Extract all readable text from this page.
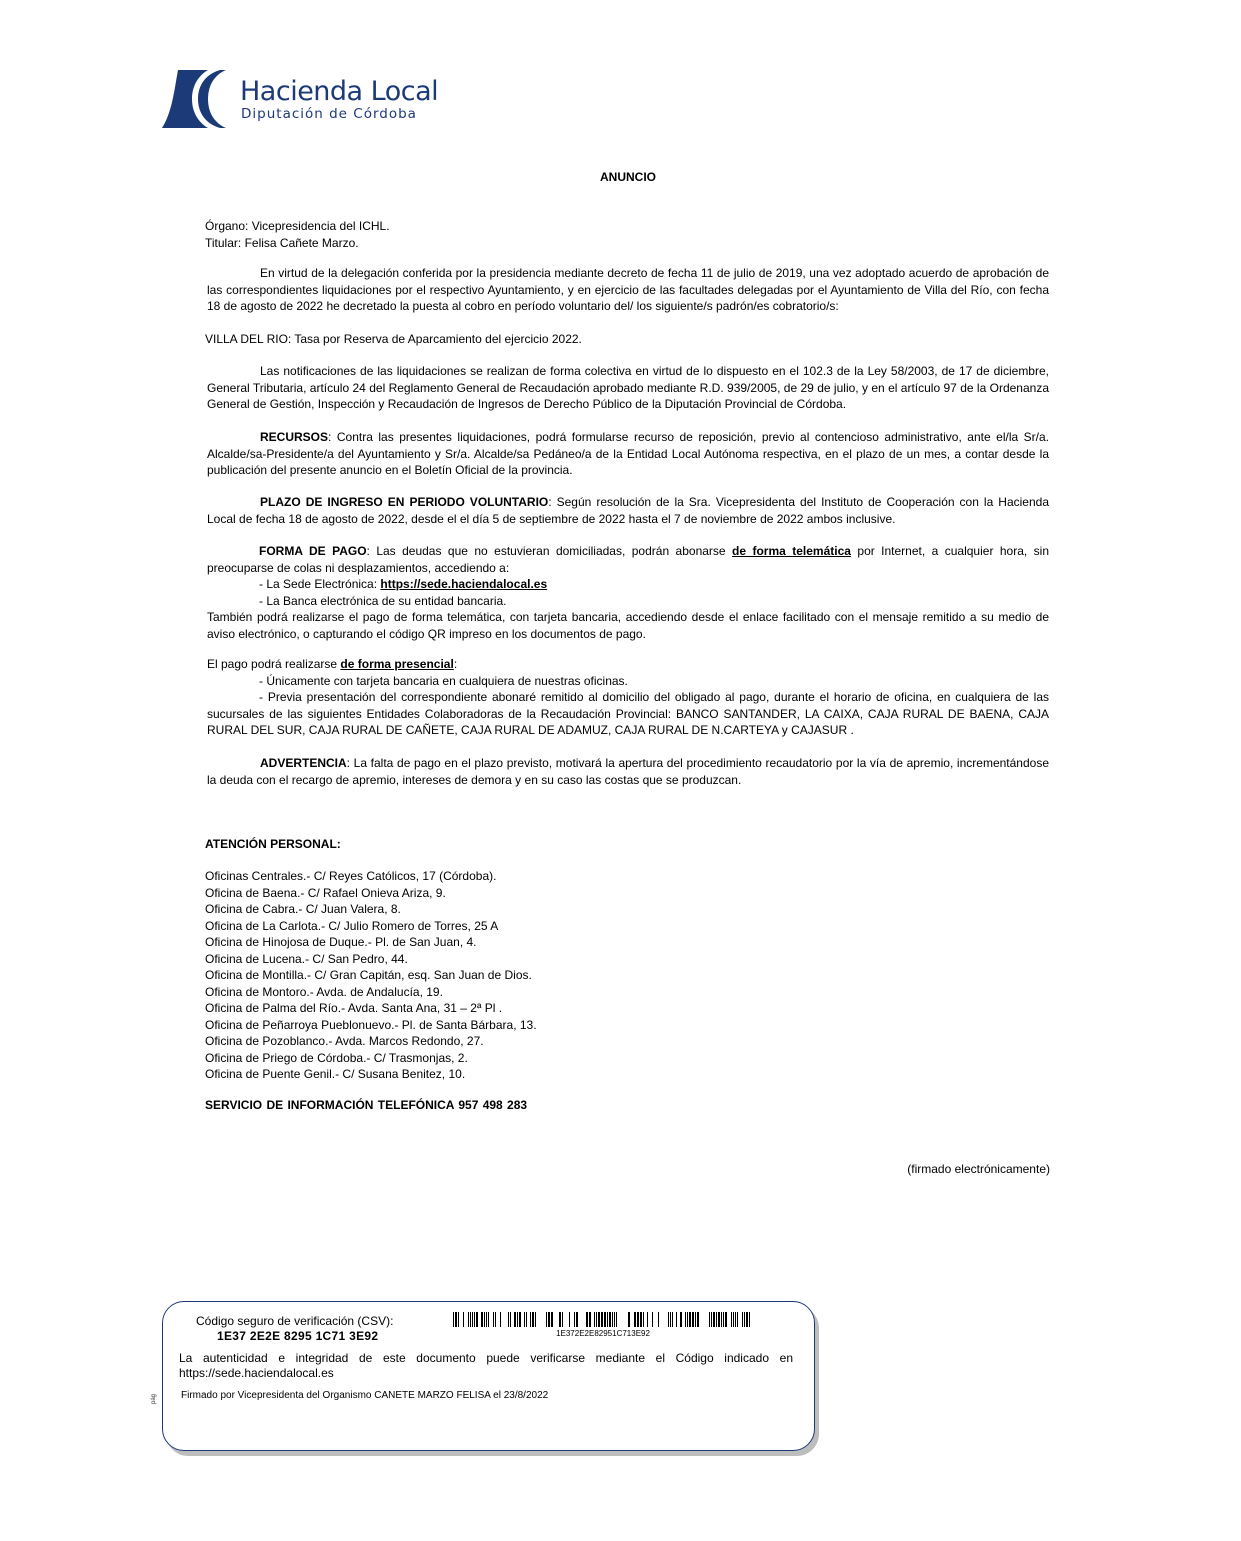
Hacienda Local
Diputación de Córdoba
ANUNCIO
Órgano: Vicepresidencia del ICHL.
Titular: Felisa Cañete Marzo.

En virtud de la delegación conferida por la presidencia mediante decreto de fecha 11 de julio de 2019, una vez adoptado acuerdo de aprobación de las correspondientes liquidaciones por el respectivo Ayuntamiento, y en ejercicio de las facultades delegadas por el Ayuntamiento de Villa del Río, con fecha 18 de agosto de 2022 he decretado la puesta al cobro en período voluntario del/ los siguiente/s padrón/es cobratorio/s:

VILLA DEL RIO: Tasa por Reserva de Aparcamiento del ejercicio 2022.

Las notificaciones de las liquidaciones se realizan de forma colectiva en virtud de lo dispuesto en el 102.3 de la Ley 58/2003, de 17 de diciembre, General Tributaria, artículo 24 del Reglamento General de Recaudación aprobado mediante R.D. 939/2005, de 29 de julio, y en el artículo 97 de la Ordenanza General de Gestión, Inspección y Recaudación de Ingresos de Derecho Público de la Diputación Provincial de Córdoba.

RECURSOS: Contra las presentes liquidaciones, podrá formularse recurso de reposición, previo al contencioso administrativo, ante el/la Sr/a. Alcalde/sa-Presidente/a del Ayuntamiento y Sr/a. Alcalde/sa Pedáneo/a de la Entidad Local Autónoma respectiva, en el plazo de un mes, a contar desde la publicación del presente anuncio en el Boletín Oficial de la provincia.

PLAZO DE INGRESO EN PERIODO VOLUNTARIO: Según resolución de la Sra. Vicepresidenta del Instituto de Cooperación con la Hacienda Local de fecha 18 de agosto de 2022, desde el el día 5 de septiembre de 2022 hasta el 7 de noviembre de 2022 ambos inclusive.

FORMA DE PAGO: Las deudas que no estuvieran domiciliadas, podrán abonarse de forma telemática por Internet, a cualquier hora, sin preocuparse de colas ni desplazamientos, accediendo a:
- La Sede Electrónica: https://sede.haciendalocal.es
- La Banca electrónica de su entidad bancaria.
También podrá realizarse el pago de forma telemática, con tarjeta bancaria, accediendo desde el enlace facilitado con el mensaje remitido a su medio de aviso electrónico, o capturando el código QR impreso en los documentos de pago.
El pago podrá realizarse de forma presencial:
- Únicamente con tarjeta bancaria en cualquiera de nuestras oficinas.
- Previa presentación del correspondiente abonaré remitido al domicilio del obligado al pago, durante el horario de oficina, en cualquiera de las sucursales de las siguientes Entidades Colaboradoras de la Recaudación Provincial: BANCO SANTANDER, LA CAIXA, CAJA RURAL DE BAENA, CAJA RURAL DEL SUR, CAJA RURAL DE CAÑETE, CAJA RURAL DE ADAMUZ, CAJA RURAL DE N.CARTEYA y CAJASUR .

ADVERTENCIA: La falta de pago en el plazo previsto, motivará la apertura del procedimiento recaudatorio por la vía de apremio, incrementándose la deuda con el recargo de apremio, intereses de demora y en su caso las costas que se produzcan.

ATENCIÓN PERSONAL:

Oficinas Centrales.- C/ Reyes Católicos, 17 (Córdoba).
Oficina de Baena.- C/ Rafael Onieva Ariza, 9.
Oficina de Cabra.- C/ Juan Valera, 8.
Oficina de La Carlota.- C/ Julio Romero de Torres, 25 A
Oficina de Hinojosa de Duque.- Pl. de San Juan, 4.
Oficina de Lucena.- C/ San Pedro, 44.
Oficina de Montilla.- C/ Gran Capitán, esq. San Juan de Dios.
Oficina de Montoro.- Avda. de Andalucía, 19.
Oficina de Palma del Río.- Avda. Santa Ana, 31 – 2ª Pl .
Oficina de Peñarroya Pueblonuevo.- Pl. de Santa Bárbara, 13.
Oficina de Pozoblanco.- Avda. Marcos Redondo, 27.
Oficina de Priego de Córdoba.- C/ Trasmonjas, 2.
Oficina de Puente Genil.- C/ Susana Benitez, 10.

SERVICIO DE INFORMACIÓN TELEFÓNICA 957 498 283

(firmado electrónicamente)
pág
Código seguro de verificación (CSV):
1E37 2E2E 8295 1C71 3E92	1E372E2E82951C713E92
La autenticidad e integridad de este documento puede verificarse mediante el Código indicado en https://sede.haciendalocal.es
Firmado por Vicepresidenta del Organismo CANETE MARZO FELISA el 23/8/2022
